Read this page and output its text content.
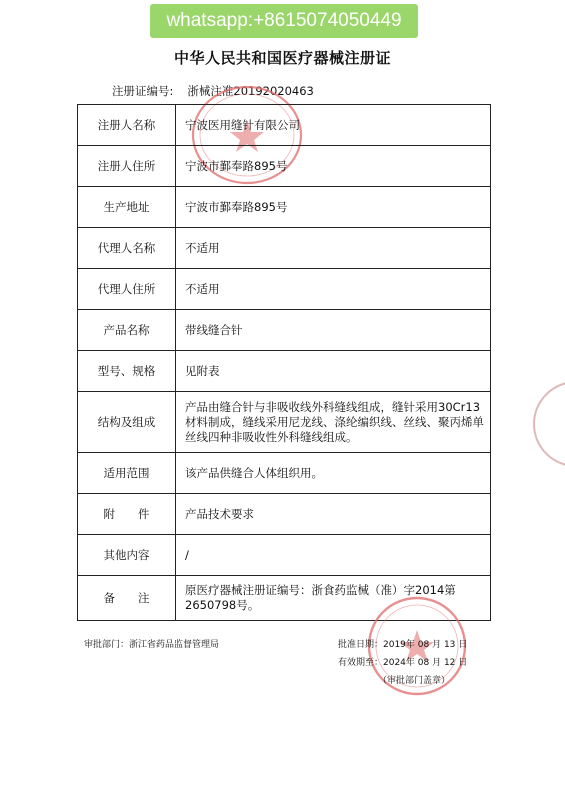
whatsapp:+8615074050449
中华人民共和国医疗器械注册证
注册证编号: 浙械注准20192020463
注册人名称	宁波医用缝针有限公司
注册人住所	宁波市鄞奉路895号
生产地址	宁波市鄞奉路895号
代理人名称	不适用
代理人住所	不适用
产品名称	带线缝合针
型号、规格	见附表
结构及组成	产品由缝合针与非吸收线外科缝线组成，缝针采用30Cr13材料制成，缝线采用尼龙线、涤纶编织线、丝线、聚丙烯单丝线四种非吸收性外科缝线组成。
适用范围	该产品供缝合人体组织用。
附　　件	产品技术要求
其他内容	/
备　　注	原医疗器械注册证编号：浙食药监械（准）字2014第2650798号。
审批部门：浙江省药品监督管理局	批准日期：2019年 08 月 13 日
有效期至：2024年 08 月 12 日
（审批部门盖章）
